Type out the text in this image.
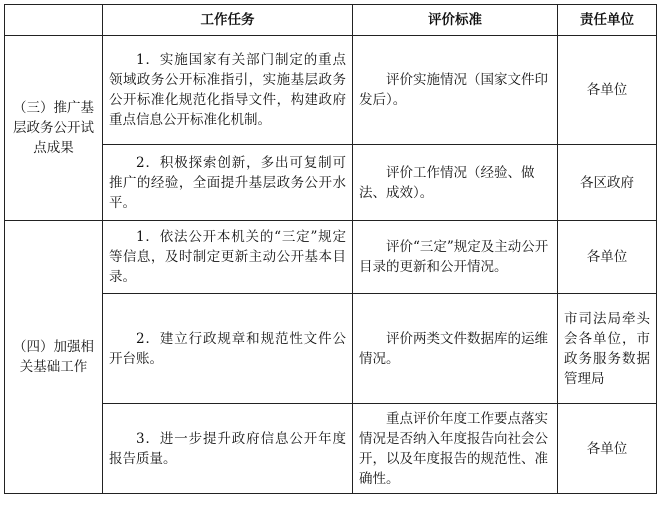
	工作任务	评价标准	责任单位
（三）推广基层政务公开试点成果	1．实施国家有关部门制定的重点领域政务公开标准指引，实施基层政务公开标准化规范化指导文件，构建政府重点信息公开标准化机制。	评价实施情况（国家文件印发后）。	各单位
	2．积极探索创新，多出可复制可推广的经验，全面提升基层政务公开水平。	评价工作情况（经验、做法、成效）。	各区政府
（四）加强相关基础工作	1．依法公开本机关的“三定”规定等信息，及时制定更新主动公开基本目录。	评价“三定”规定及主动公开目录的更新和公开情况。	各单位
	2．建立行政规章和规范性文件公开台账。	评价两类文件数据库的运维情况。	市司法局牵头会各单位，市政务服务数据管理局
	3．进一步提升政府信息公开年度报告质量。	重点评价年度工作要点落实情况是否纳入年度报告向社会公开，以及年度报告的规范性、准确性。	各单位
